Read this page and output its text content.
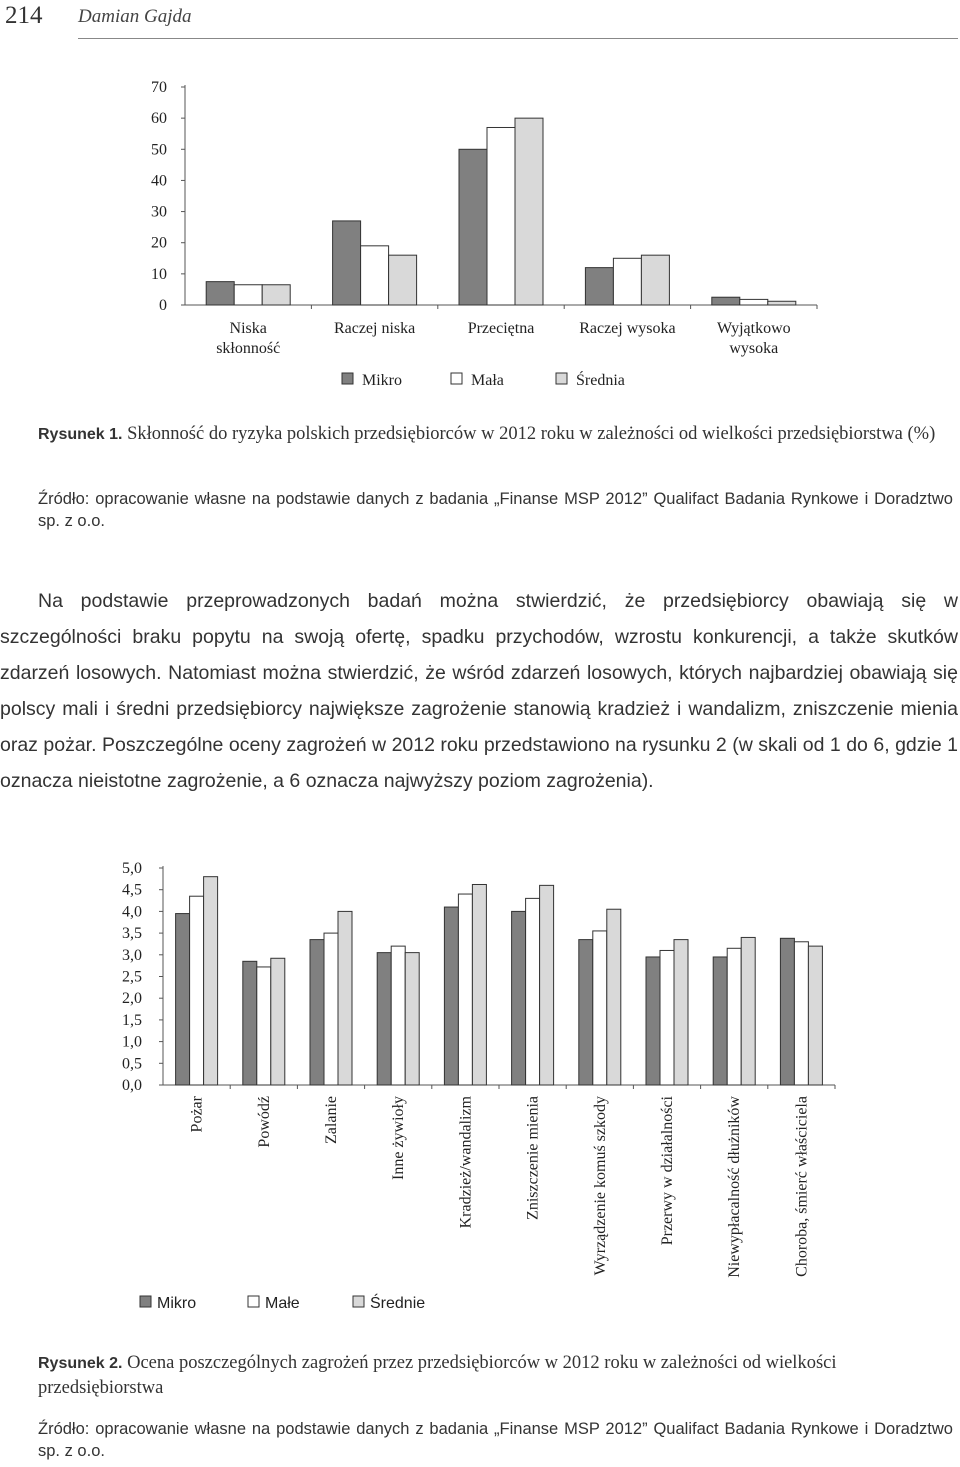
214 Damian Gajda
0
10
20
30
40
50
60
70
Niska
skłonność
Raczej niska	Przeciętna	Raczej wysoka	Wyjątkowo
wysoka
Mikro	Mała	Średnia
Rysunek 1. Skłonność do ryzyka polskich przedsiębiorców w 2012 roku w zależności od wielkości przedsiębiorstwa (%)
Źródło: opracowanie własne na podstawie danych z badania „Finanse MSP 2012” Qualifact Badania Rynkowe i Doradztwo sp. z o.o.

Na podstawie przeprowadzonych badań można stwierdzić, że przedsiębiorcy obawiają się w szczególności braku popytu na swoją ofertę, spadku przychodów, wzrostu konkurencji, a także skutków zdarzeń losowych. Natomiast można stwierdzić, że wśród zdarzeń losowych, których najbardziej obawiają się polscy mali i średni przedsiębiorcy największe zagrożenie stanowią kradzież i wandalizm, zniszczenie mienia oraz pożar. Poszczególne oceny zagrożeń w 2012 roku przedstawiono na rysunku 2 (w skali od 1 do 6, gdzie 1 oznacza nieistotne zagrożenie, a 6 oznacza najwyższy poziom zagrożenia).

0,0
0,5
1,0
1,5
2,0
2,5
3,0
3,5
4,0
4,5
5,0
Pożar	Powódź	Zalanie	Inne żywioły	Kradzież/wandalizm	Zniszczenie mienia	Wyrządzenie komuś szkody	Przerwy w działalności	Niewypłacalność dłużników	Choroba, śmierć właściciela
Mikro	Małe	Średnie
Rysunek 2. Ocena poszczególnych zagrożeń przez przedsiębiorców w 2012 roku w zależności od wielkości przedsiębiorstwa
Źródło: opracowanie własne na podstawie danych z badania „Finanse MSP 2012” Qualifact Badania Rynkowe i Doradztwo sp. z o.o.
